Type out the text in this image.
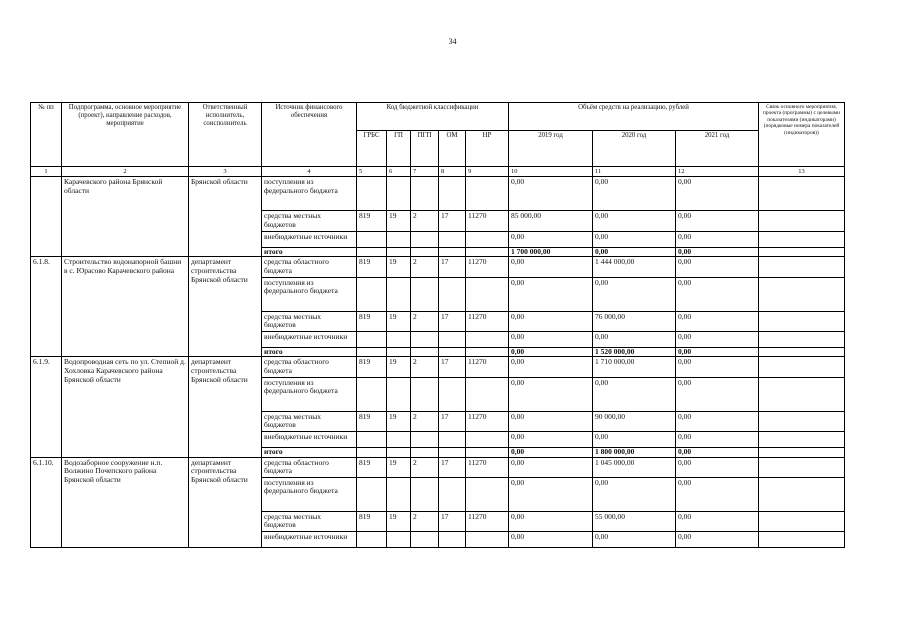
34
№ пп	Подпрограмма, основное мероприятие (проект), направление расходов, мероприятие	Ответственный исполнитель, соисполнитель	Источник финансового обеспечения	Код бюджетной классификации					Объём средств на реализацию, рублей			Связь основного мероприятия, проекта (программы) с целевыми показателями (индикаторами) (порядковые номера показателей (индикаторов))
				ГРБС	ГП	ПГП	ОМ	НР	2019 год	2020 год	2021 год	
1	2	3	4	5	6	7	8	9	10	11	12	13
	Карачевского района Брянской области	Брянской области	поступления из федерального бюджета						0,00	0,00	0,00	
			средства местных бюджетов	819	19	2	17	11270	85 000,00	0,00	0,00	
			внебюджетные источники						0,00	0,00	0,00	
			итого						1 700 000,00	0,00	0,00	
6.1.8.	Строительство водонапорной башни в с. Юрасово Карачевского района	департамент строительства Брянской области	средства областного бюджета	819	19	2	17	11270	0,00	1 444 000,00	0,00	
			поступления из федерального бюджета						0,00	0,00	0,00	
			средства местных бюджетов	819	19	2	17	11270	0,00	76 000,00	0,00	
			внебюджетные источники						0,00	0,00	0,00	
			итого						0,00	1 520 000,00	0,00	
6.1.9.	Водопроводная сеть по ул. Степной д. Хохловка Карачевского района Брянской области	департамент строительства Брянской области	средства областного бюджета	819	19	2	17	11270	0,00	1 710 000,00	0,00	
			поступления из федерального бюджета						0,00	0,00	0,00	
			средства местных бюджетов	819	19	2	17	11270	0,00	90 000,00	0,00	
			внебюджетные источники						0,00	0,00	0,00	
			итого						0,00	1 800 000,00	0,00	
6.1.10.	Водозаборное сооружение н.п. Волжино Почепского района Брянской области	департамент строительства Брянской области	средства областного бюджета	819	19	2	17	11270	0,00	1 045 000,00	0,00	
			поступления из федерального бюджета						0,00	0,00	0,00	
			средства местных бюджетов	819	19	2	17	11270	0,00	55 000,00	0,00	
			внебюджетные источники						0,00	0,00	0,00	
